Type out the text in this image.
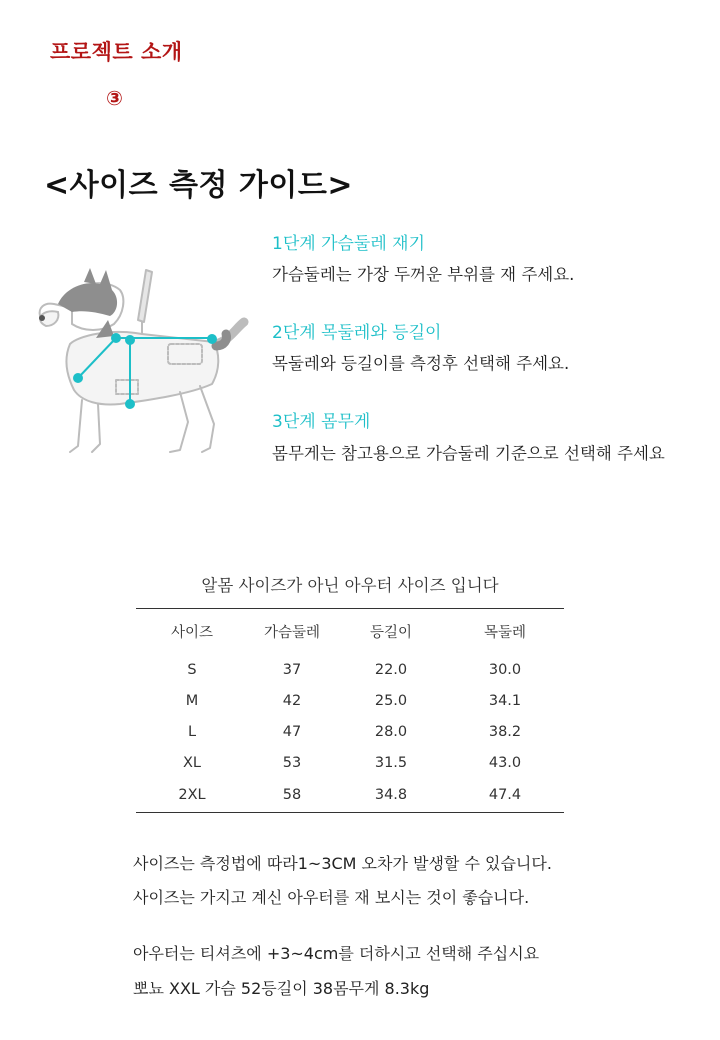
프로젝트 소개
③
<사이즈 측정 가이드>
1단계 가슴둘레 재기
가슴둘레는 가장 두꺼운 부위를 재 주세요.
2단계 목둘레와 등길이
목둘레와 등길이를 측정후 선택해 주세요.
3단계 몸무게
몸무게는 참고용으로 가슴둘레 기준으로 선택해 주세요
알몸 사이즈가 아닌 아우터 사이즈 입니다
사이즈	가슴둘레	등길이	목둘레
S	37	22.0	30.0
M	42	25.0	34.1
L	47	28.0	38.2
XL	53	31.5	43.0
2XL	58	34.8	47.4
사이즈는 측정법에 따라1~3CM 오차가 발생할 수 있습니다.
사이즈는 가지고 계신 아우터를 재 보시는 것이 좋습니다.
아우터는 티셔츠에 +3~4cm를 더하시고 선택해 주십시요
뽀뇨 XXL 가슴 52등길이 38몸무게 8.3kg
